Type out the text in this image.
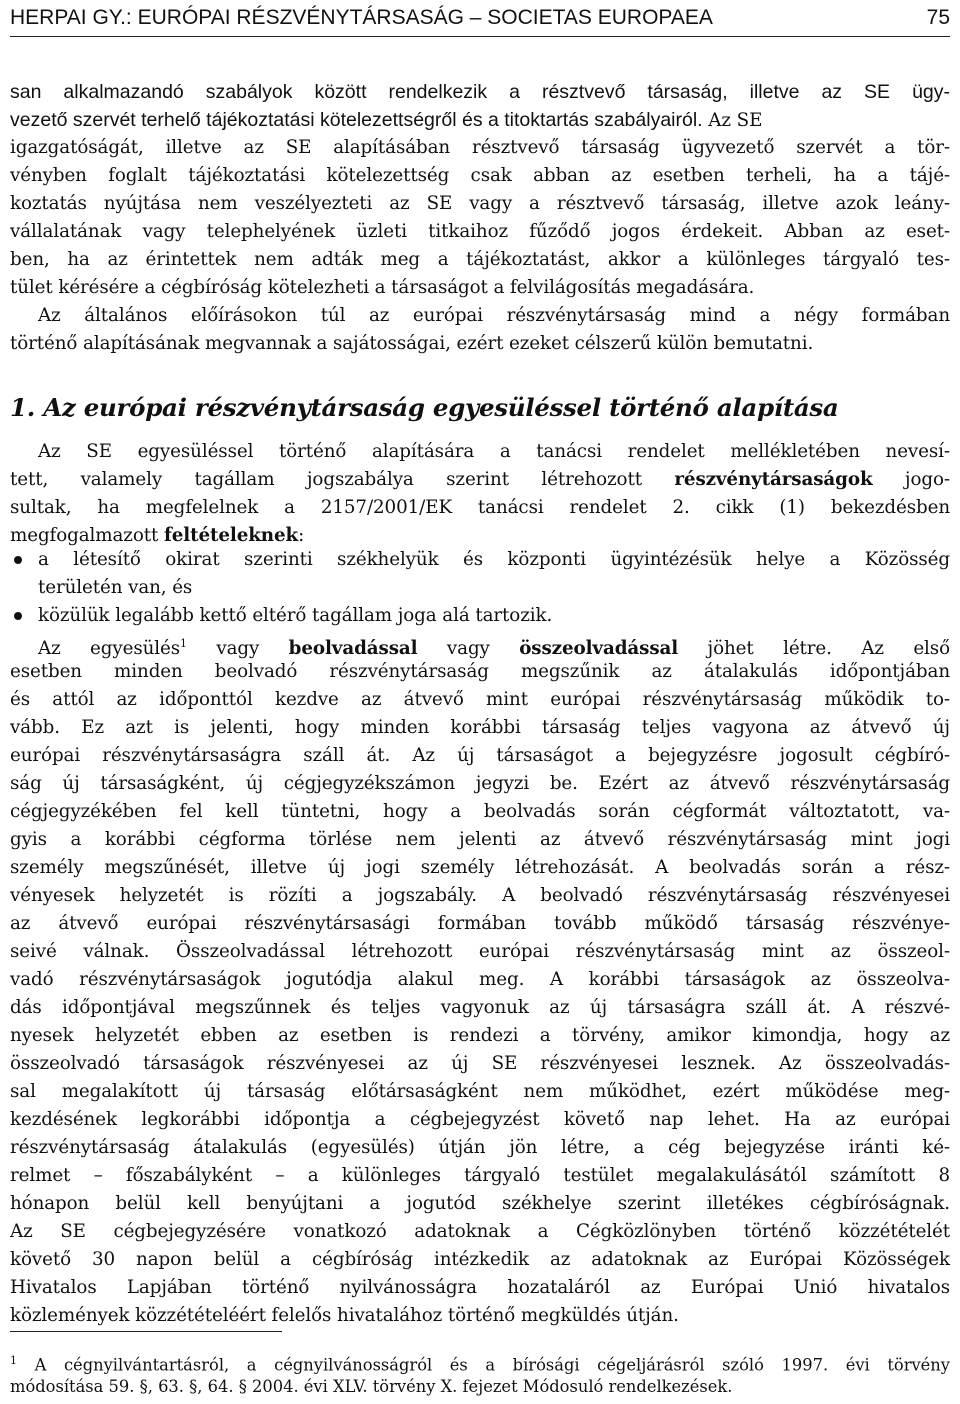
HERPAI GY.: EURÓPAI RÉSZVÉNYTÁRSASÁG – SOCIETAS EUROPAEA	75
san alkalmazandó szabályok között rendelkezik a résztvevő társaság, illetve az SE ügy-
vezető szervét terhelő tájékoztatási kötelezettségről és a titoktartás szabályairól. Az SE
igazgatóságát, illetve az SE alapításában résztvevő társaság ügyvezető szervét a tör-
vényben foglalt tájékoztatási kötelezettség csak abban az esetben terheli, ha a tájé-
koztatás nyújtása nem veszélyezteti az SE vagy a résztvevő társaság, illetve azok leány-
vállalatának vagy telephelyének üzleti titkaihoz fűződő jogos érdekeit. Abban az eset-
ben, ha az érintettek nem adták meg a tájékoztatást, akkor a különleges tárgyaló tes-
tület kérésére a cégbíróság kötelezheti a társaságot a felvilágosítás megadására.
Az általános előírásokon túl az európai részvénytársaság mind a négy formában
történő alapításának megvannak a sajátosságai, ezért ezeket célszerű külön bemutatni.
1. Az európai részvénytársaság egyesüléssel történő alapítása
Az SE egyesüléssel történő alapítására a tanácsi rendelet mellékletében nevesí-
tett, valamely tagállam jogszabálya szerint létrehozott részvénytársaságok jogo-
sultak, ha megfelelnek a 2157/2001/EK tanácsi rendelet 2. cikk (1) bekezdésben
megfogalmazott feltételeknek:
a létesítő okirat szerinti székhelyük és központi ügyintézésük helye a Közösség
területén van, és
közülük legalább kettő eltérő tagállam joga alá tartozik.
Az egyesülés$^1$ vagy beolvadással vagy összeolvadással jöhet létre. Az első
esetben minden beolvadó részvénytársaság megszűnik az átalakulás időpontjában
és attól az időponttól kezdve az átvevő mint európai részvénytársaság működik to-
vább. Ez azt is jelenti, hogy minden korábbi társaság teljes vagyona az átvevő új
európai részvénytársaságra száll át. Az új társaságot a bejegyzésre jogosult cégbíró-
ság új társaságként, új cégjegyzékszámon jegyzi be. Ezért az átvevő részvénytársaság
cégjegyzékében fel kell tüntetni, hogy a beolvadás során cégformát változtatott, va-
gyis a korábbi cégforma törlése nem jelenti az átvevő részvénytársaság mint jogi
személy megszűnését, illetve új jogi személy létrehozását. A beolvadás során a rész-
vényesek helyzetét is rözíti a jogszabály. A beolvadó részvénytársaság részvényesei
az átvevő európai részvénytársasági formában tovább működő társaság részvénye-
seivé válnak. Összeolvadással létrehozott európai részvénytársaság mint az összeol-
vadó részvénytársaságok jogutódja alakul meg. A korábbi társaságok az összeolva-
dás időpontjával megszűnnek és teljes vagyonuk az új társaságra száll át. A részvé-
nyesek helyzetét ebben az esetben is rendezi a törvény, amikor kimondja, hogy az
összeolvadó társaságok részvényesei az új SE részvényesei lesznek. Az összeolvadás-
sal megalakított új társaság előtársaságként nem működhet, ezért működése meg-
kezdésének legkorábbi időpontja a cégbejegyzést követő nap lehet. Ha az európai
részvénytársaság átalakulás (egyesülés) útján jön létre, a cég bejegyzése iránti ké-
relmet – főszabályként – a különleges tárgyaló testület megalakulásától számított 8
hónapon belül kell benyújtani a jogutód székhelye szerint illetékes cégbíróságnak.
Az SE cégbejegyzésére vonatkozó adatoknak a Cégközlönyben történő közzétételét
követő 30 napon belül a cégbíróság intézkedik az adatoknak az Európai Közösségek
Hivatalos Lapjában történő nyilvánosságra hozataláról az Európai Unió hivatalos
közlemények közzétételéért felelős hivatalához történő megküldés útján.
$^1$ A cégnyilvántartásról, a cégnyilvánosságról és a bírósági cégeljárásról szóló 1997. évi törvény
módosítása 59. §, 63. §, 64. § 2004. évi XLV. törvény X. fejezet Módosuló rendelkezések.
